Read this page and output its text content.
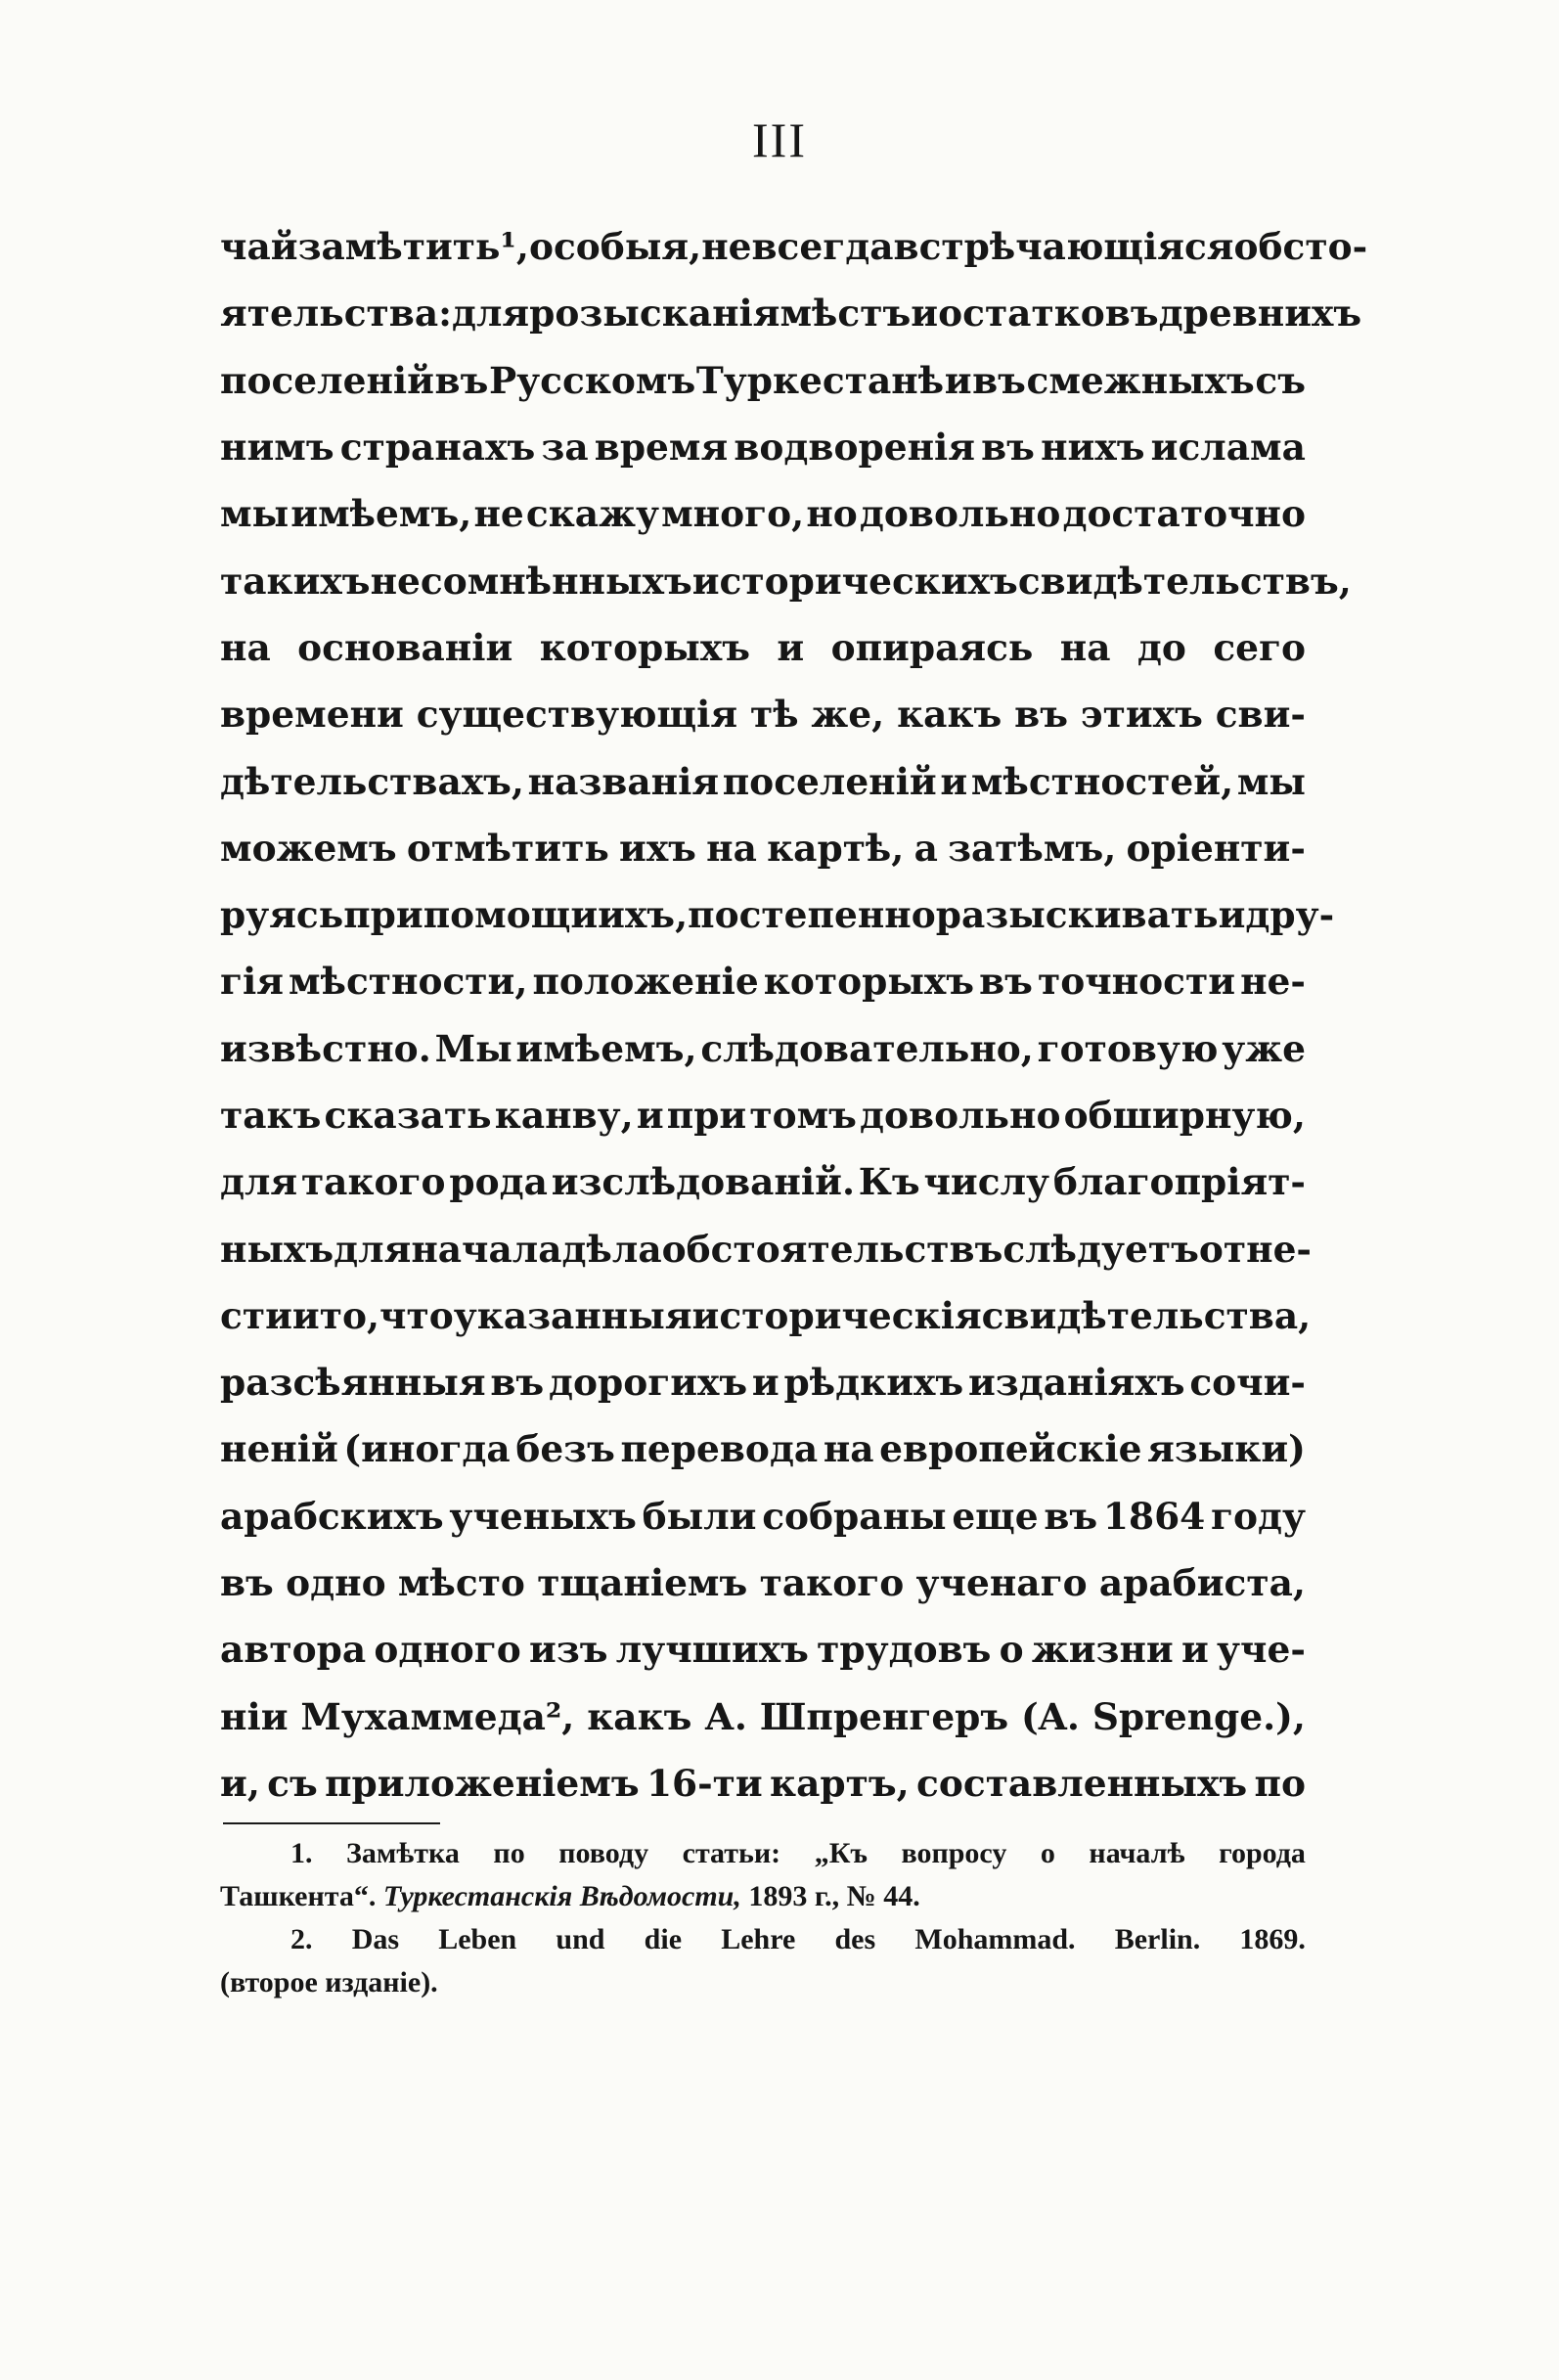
III
чай замѣтить¹, особыя, невсегда встрѣчающіяся обсто-
ятельства: для розысканія мѣстъ и остатковъ древнихъ
поселеній въ Русскомъ Туркестанѣ и въ смежныхъ съ
нимъ странахъ за время водворенія въ нихъ ислама
мы имѣемъ, не скажу много, но довольно достаточно
такихъ несомнѣнныхъ историческихъ свидѣтельствъ,
на основаніи которыхъ и опираясь на до сего
времени существующія тѣ же, какъ въ этихъ сви-
дѣтельствахъ, названія поселеній и мѣстностей, мы
можемъ отмѣтить ихъ на картѣ, а затѣмъ, оріенти-
руясь при помощи ихъ, постепенно разыскивать и дру-
гія мѣстности, положеніе которыхъ въ точности не-
извѣстно. Мы имѣемъ, слѣдовательно, готовую уже
такъ сказать канву, и при томъ довольно обширную,
для такого рода изслѣдованій. Къ числу благопріят-
ныхъ для начала дѣла обстоятельствъ слѣдуетъ отне-
сти и то, что указанныя историческія свидѣтельства,
разсѣянныя въ дорогихъ и рѣдкихъ изданіяхъ сочи-
неній (иногда безъ перевода на европейскіе языки)
арабскихъ ученыхъ были собраны еще въ 1864 году
въ одно мѣсто тщаніемъ такого ученаго арабиста,
автора одного изъ лучшихъ трудовъ о жизни и уче-
ніи Мухаммеда², какъ А. Шпренгеръ (A. Sprenge.),
и, съ приложеніемъ 16-ти картъ, составленныхъ по
1. Замѣтка по поводу статьи: „Къ вопросу о началѣ города
Ташкента“.
Туркестанскія Вѣдомости,
1893 г., № 44.
2. Das Leben und die Lehre des Mohammad. Berlin. 1869.
(второе изданіе).
